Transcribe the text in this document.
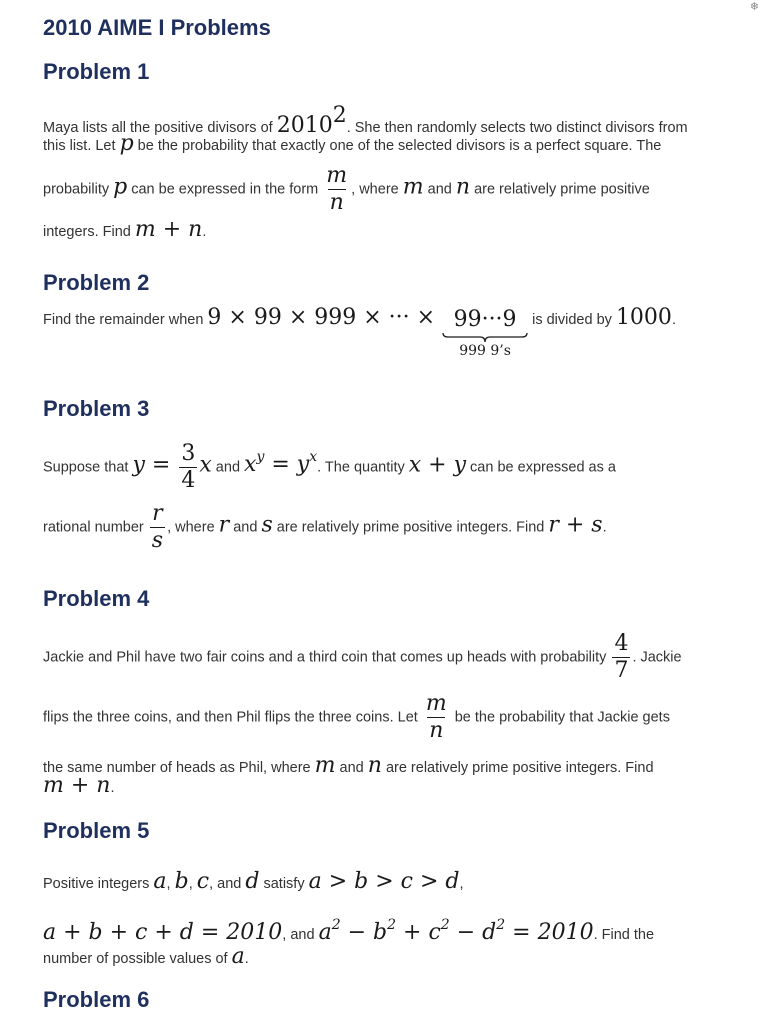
❄
2010 AIME I Problems
Problem 1
Maya lists all the positive divisors of 2010$^2$. She then randomly selects two distinct divisors from
this list. Let p be the probability that exactly one of the selected divisors is a perfect square. The
probability p can be expressed in the form $\frac{m}{n}$ , where m and n are relatively prime positive
integers. Find m + n.
Problem 2
Find the remainder when 9 × 99 × 999 × ··· × 99···9
999 9’s
is divided by 1000.
Problem 3
Suppose that $y = \frac{3}{4}$ x and $x^y = y^x$. The quantity x + y can be expressed as a
rational number $\frac{r}{s}$ , where r and s are relatively prime positive integers. Find r + s.
Problem 4
Jackie and Phil have two fair coins and a third coin that comes up heads with probability $\frac{4}{7}$ . Jackie
flips the three coins, and then Phil flips the three coins. Let $\frac{m}{n}$ be the probability that Jackie gets
the same number of heads as Phil, where m and n are relatively prime positive integers. Find
m + n.
Problem 5
Positive integers a, b, c, and d satisfy a > b > c > d,
a + b + c + d = 2010, and $a^2 - b^2 + c^2 - d^2 = 2010$. Find the
number of possible values of a.
Problem 6
